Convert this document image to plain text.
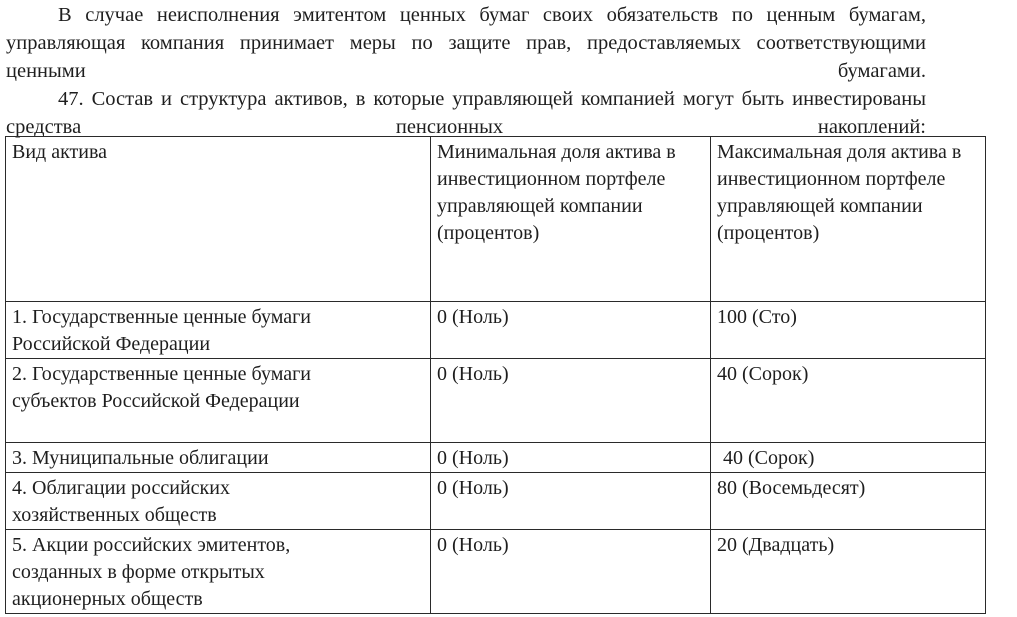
В случае неисполнения эмитентом ценных бумаг своих обязательств по ценным бумагам, управляющая компания принимает меры по защите прав, предоставляемых соответствующими ценными бумагами.

47. Состав и структура активов, в которые управляющей компанией могут быть инвестированы средства пенсионных накоплений:

Вид актива	Минимальная доля актива в инвестиционном портфеле управляющей компании (процентов)	Максимальная доля актива в инвестиционном портфеле управляющей компании (процентов)

1. Государственные ценные бумаги Российской Федерации	0 (Ноль)	100 (Сто)

2. Государственные ценные бумаги субъектов Российской Федерации	0 (Ноль)	40 (Сорок)

3. Муниципальные облигации	0 (Ноль)	40 (Сорок)

4. Облигации российских хозяйственных обществ	0 (Ноль)	80 (Восемьдесят)

5. Акции российских эмитентов, созданных в форме открытых акционерных обществ	0 (Ноль)	20 (Двадцать)
